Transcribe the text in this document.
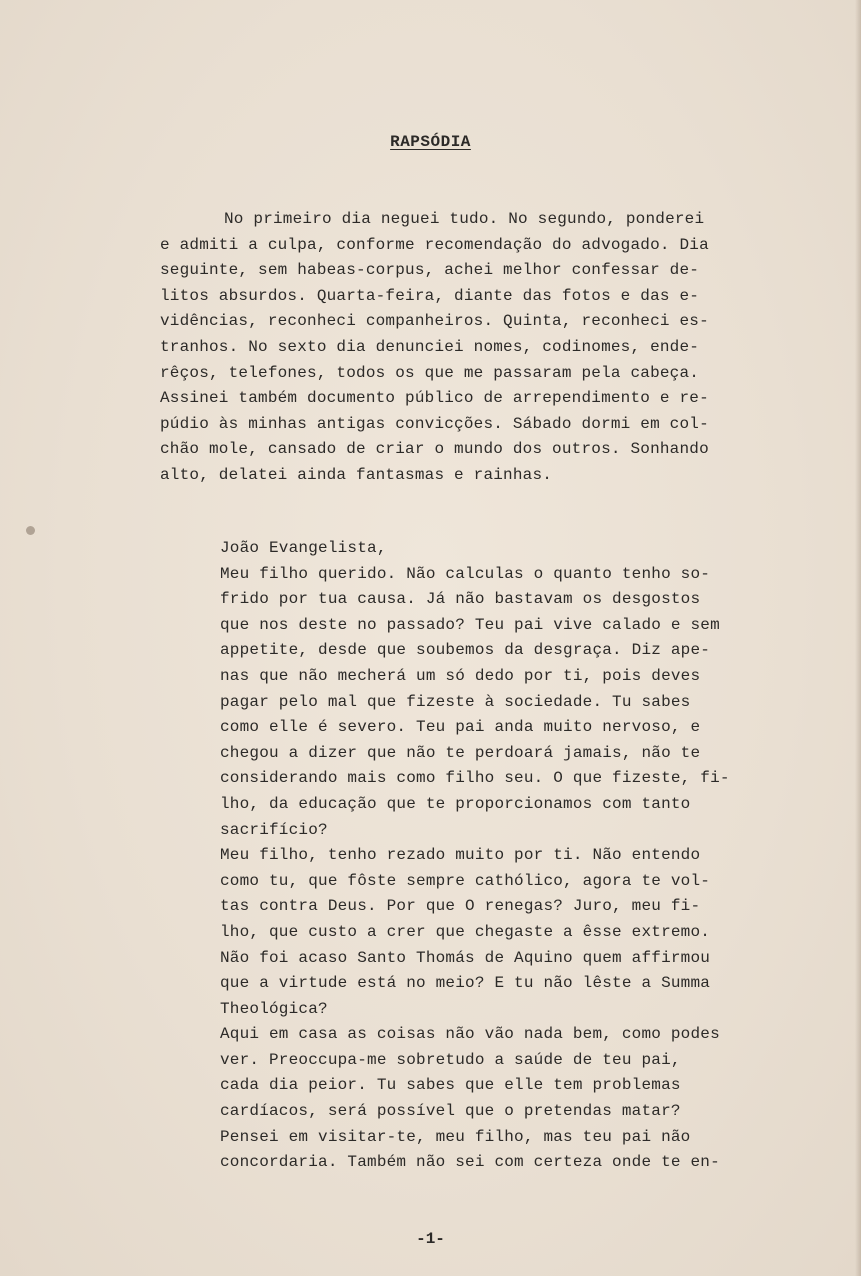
RAPSÓDIA
No primeiro dia neguei tudo. No segundo, ponderei
e admiti a culpa, conforme recomendação do advogado. Dia
seguinte, sem habeas-corpus, achei melhor confessar de-
litos absurdos. Quarta-feira, diante das fotos e das e-
vidências, reconheci companheiros. Quinta, reconheci es-
tranhos. No sexto dia denunciei nomes, codinomes, ende-
rêços, telefones, todos os que me passaram pela cabeça.
Assinei também documento público de arrependimento e re-
púdio às minhas antigas convicções. Sábado dormi em col-
chão mole, cansado de criar o mundo dos outros. Sonhando
alto, delatei ainda fantasmas e rainhas.
João Evangelista,
Meu filho querido. Não calculas o quanto tenho so-
frido por tua causa. Já não bastavam os desgostos
que nos deste no passado? Teu pai vive calado e sem
appetite, desde que soubemos da desgraça. Diz ape-
nas que não mecherá um só dedo por ti, pois deves
pagar pelo mal que fizeste à sociedade. Tu sabes
como elle é severo. Teu pai anda muito nervoso, e
chegou a dizer que não te perdoará jamais, não te
considerando mais como filho seu. O que fizeste, fi-
lho, da educação que te proporcionamos com tanto
sacrifício?
Meu filho, tenho rezado muito por ti. Não entendo
como tu, que fôste sempre cathólico, agora te vol-
tas contra Deus. Por que O renegas? Juro, meu fi-
lho, que custo a crer que chegaste a êsse extremo.
Não foi acaso Santo Thomás de Aquino quem affirmou
que a virtude está no meio? E tu não lêste a Summa
Theológica?
Aqui em casa as coisas não vão nada bem, como podes
ver. Preoccupa-me sobretudo a saúde de teu pai,
cada dia peior. Tu sabes que elle tem problemas
cardíacos, será possível que o pretendas matar?
Pensei em visitar-te, meu filho, mas teu pai não
concordaria. Também não sei com certeza onde te en-
-1-
